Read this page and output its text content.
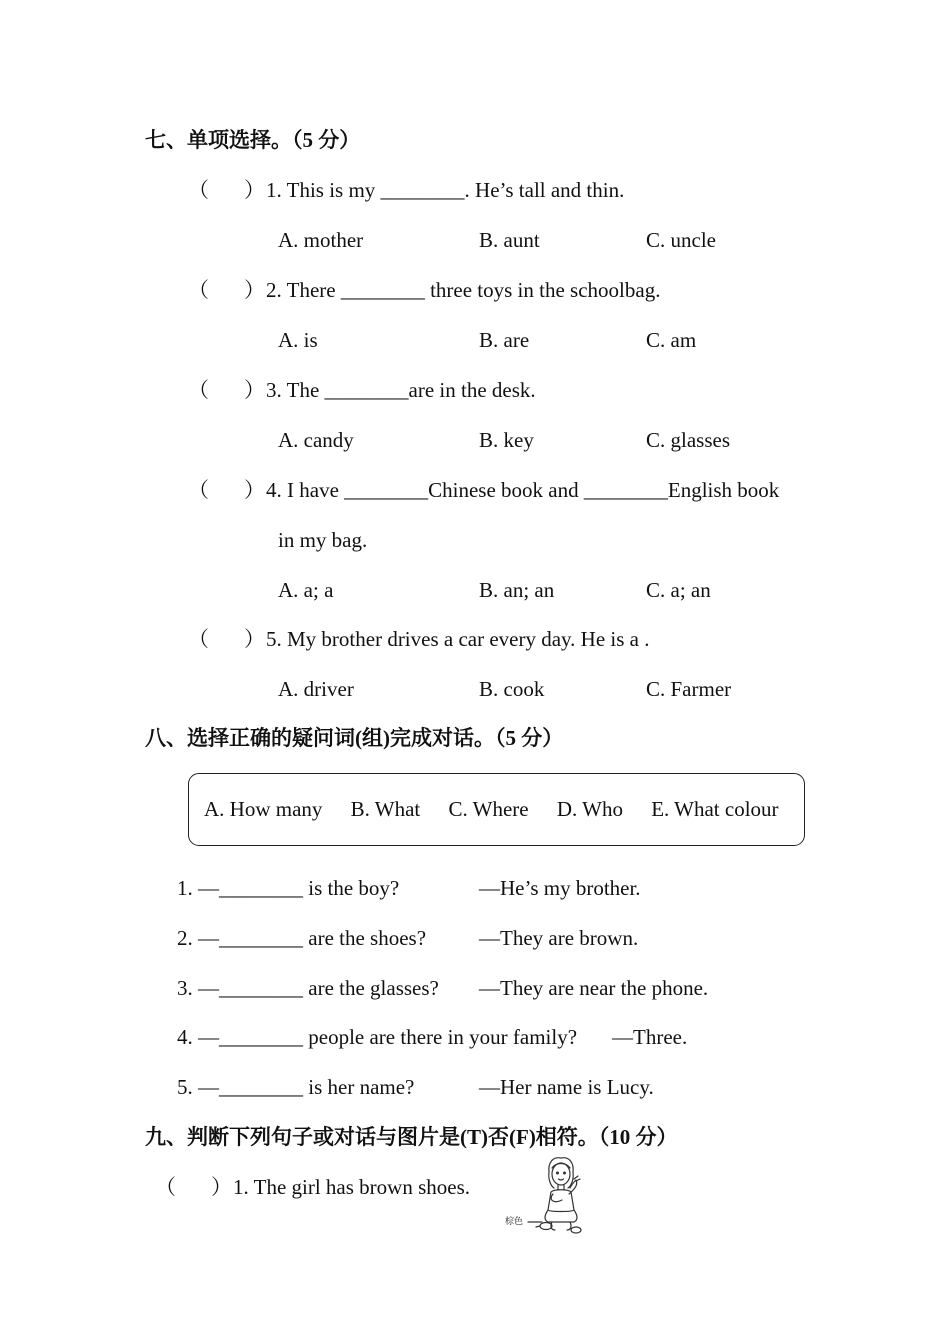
七、单项选择。（5 分）
（ ） 1. This is my ________. He’s tall and thin.
A. mother	B. aunt	C. uncle
（ ） 2. There ________ three toys in the schoolbag.
A. is	B. are	C. am
（ ） 3. The ________are in the desk.
A. candy	B. key	C. glasses
（ ） 4. I have ________Chinese book and ________English book
in my bag.
A. a; a	B. an; an	C. a; an
（ ） 5. My brother drives a car every day. He is a .
A. driver	B. cook	C. Farmer
八、选择正确的疑问词(组)完成对话。（5 分）
A. How many B. What C. Where D. Who E. What colour
1. —________ is the boy?	—He’s my brother.
2. —________ are the shoes?	—They are brown.
3. —________ are the glasses? —They are near the phone.
4. —________ people are there in your family? —Three.
5. —________ is her name?	—Her name is Lucy.
九、判断下列句子或对话与图片是(T)否(F)相符。（10 分）
（ ） 1. The girl has brown shoes.
棕色
